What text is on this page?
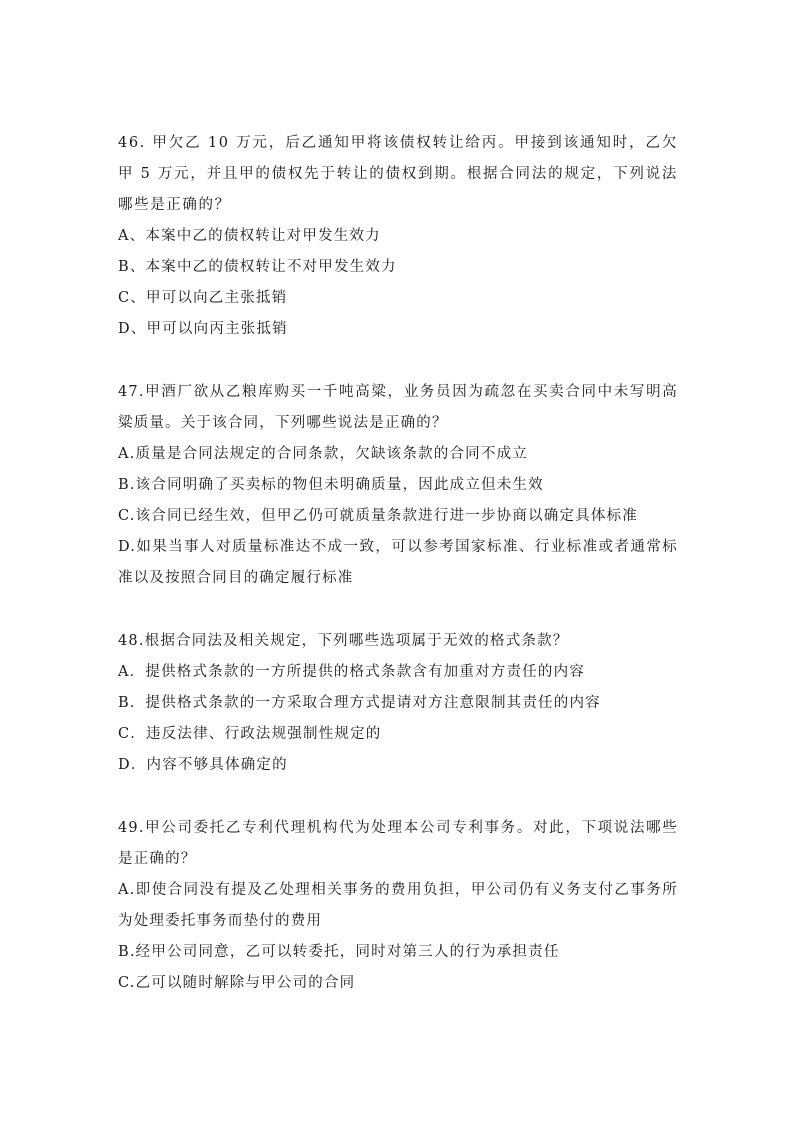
46. 甲欠乙 10 万元，后乙通知甲将该债权转让给丙。甲接到该通知时，乙欠甲 5 万元，并且甲的债权先于转让的债权到期。根据合同法的规定，下列说法哪些是正确的？

A、本案中乙的债权转让对甲发生效力

B、本案中乙的债权转让不对甲发生效力

C、甲可以向乙主张抵销

D、甲可以向丙主张抵销

47.甲酒厂欲从乙粮库购买一千吨高粱，业务员因为疏忽在买卖合同中未写明高粱质量。关于该合同，下列哪些说法是正确的？

A.质量是合同法规定的合同条款，欠缺该条款的合同不成立

B.该合同明确了买卖标的物但未明确质量，因此成立但未生效

C.该合同已经生效，但甲乙仍可就质量条款进行进一步协商以确定具体标准

D.如果当事人对质量标准达不成一致，可以参考国家标准、行业标准或者通常标准以及按照合同目的确定履行标准

48.根据合同法及相关规定，下列哪些选项属于无效的格式条款？

A．提供格式条款的一方所提供的格式条款含有加重对方责任的内容

B．提供格式条款的一方采取合理方式提请对方注意限制其责任的内容

C．违反法律、行政法规强制性规定的

D．内容不够具体确定的

49.甲公司委托乙专利代理机构代为处理本公司专利事务。对此，下项说法哪些是正确的？

A.即使合同没有提及乙处理相关事务的费用负担，甲公司仍有义务支付乙事务所为处理委托事务而垫付的费用

B.经甲公司同意，乙可以转委托，同时对第三人的行为承担责任

C.乙可以随时解除与甲公司的合同
